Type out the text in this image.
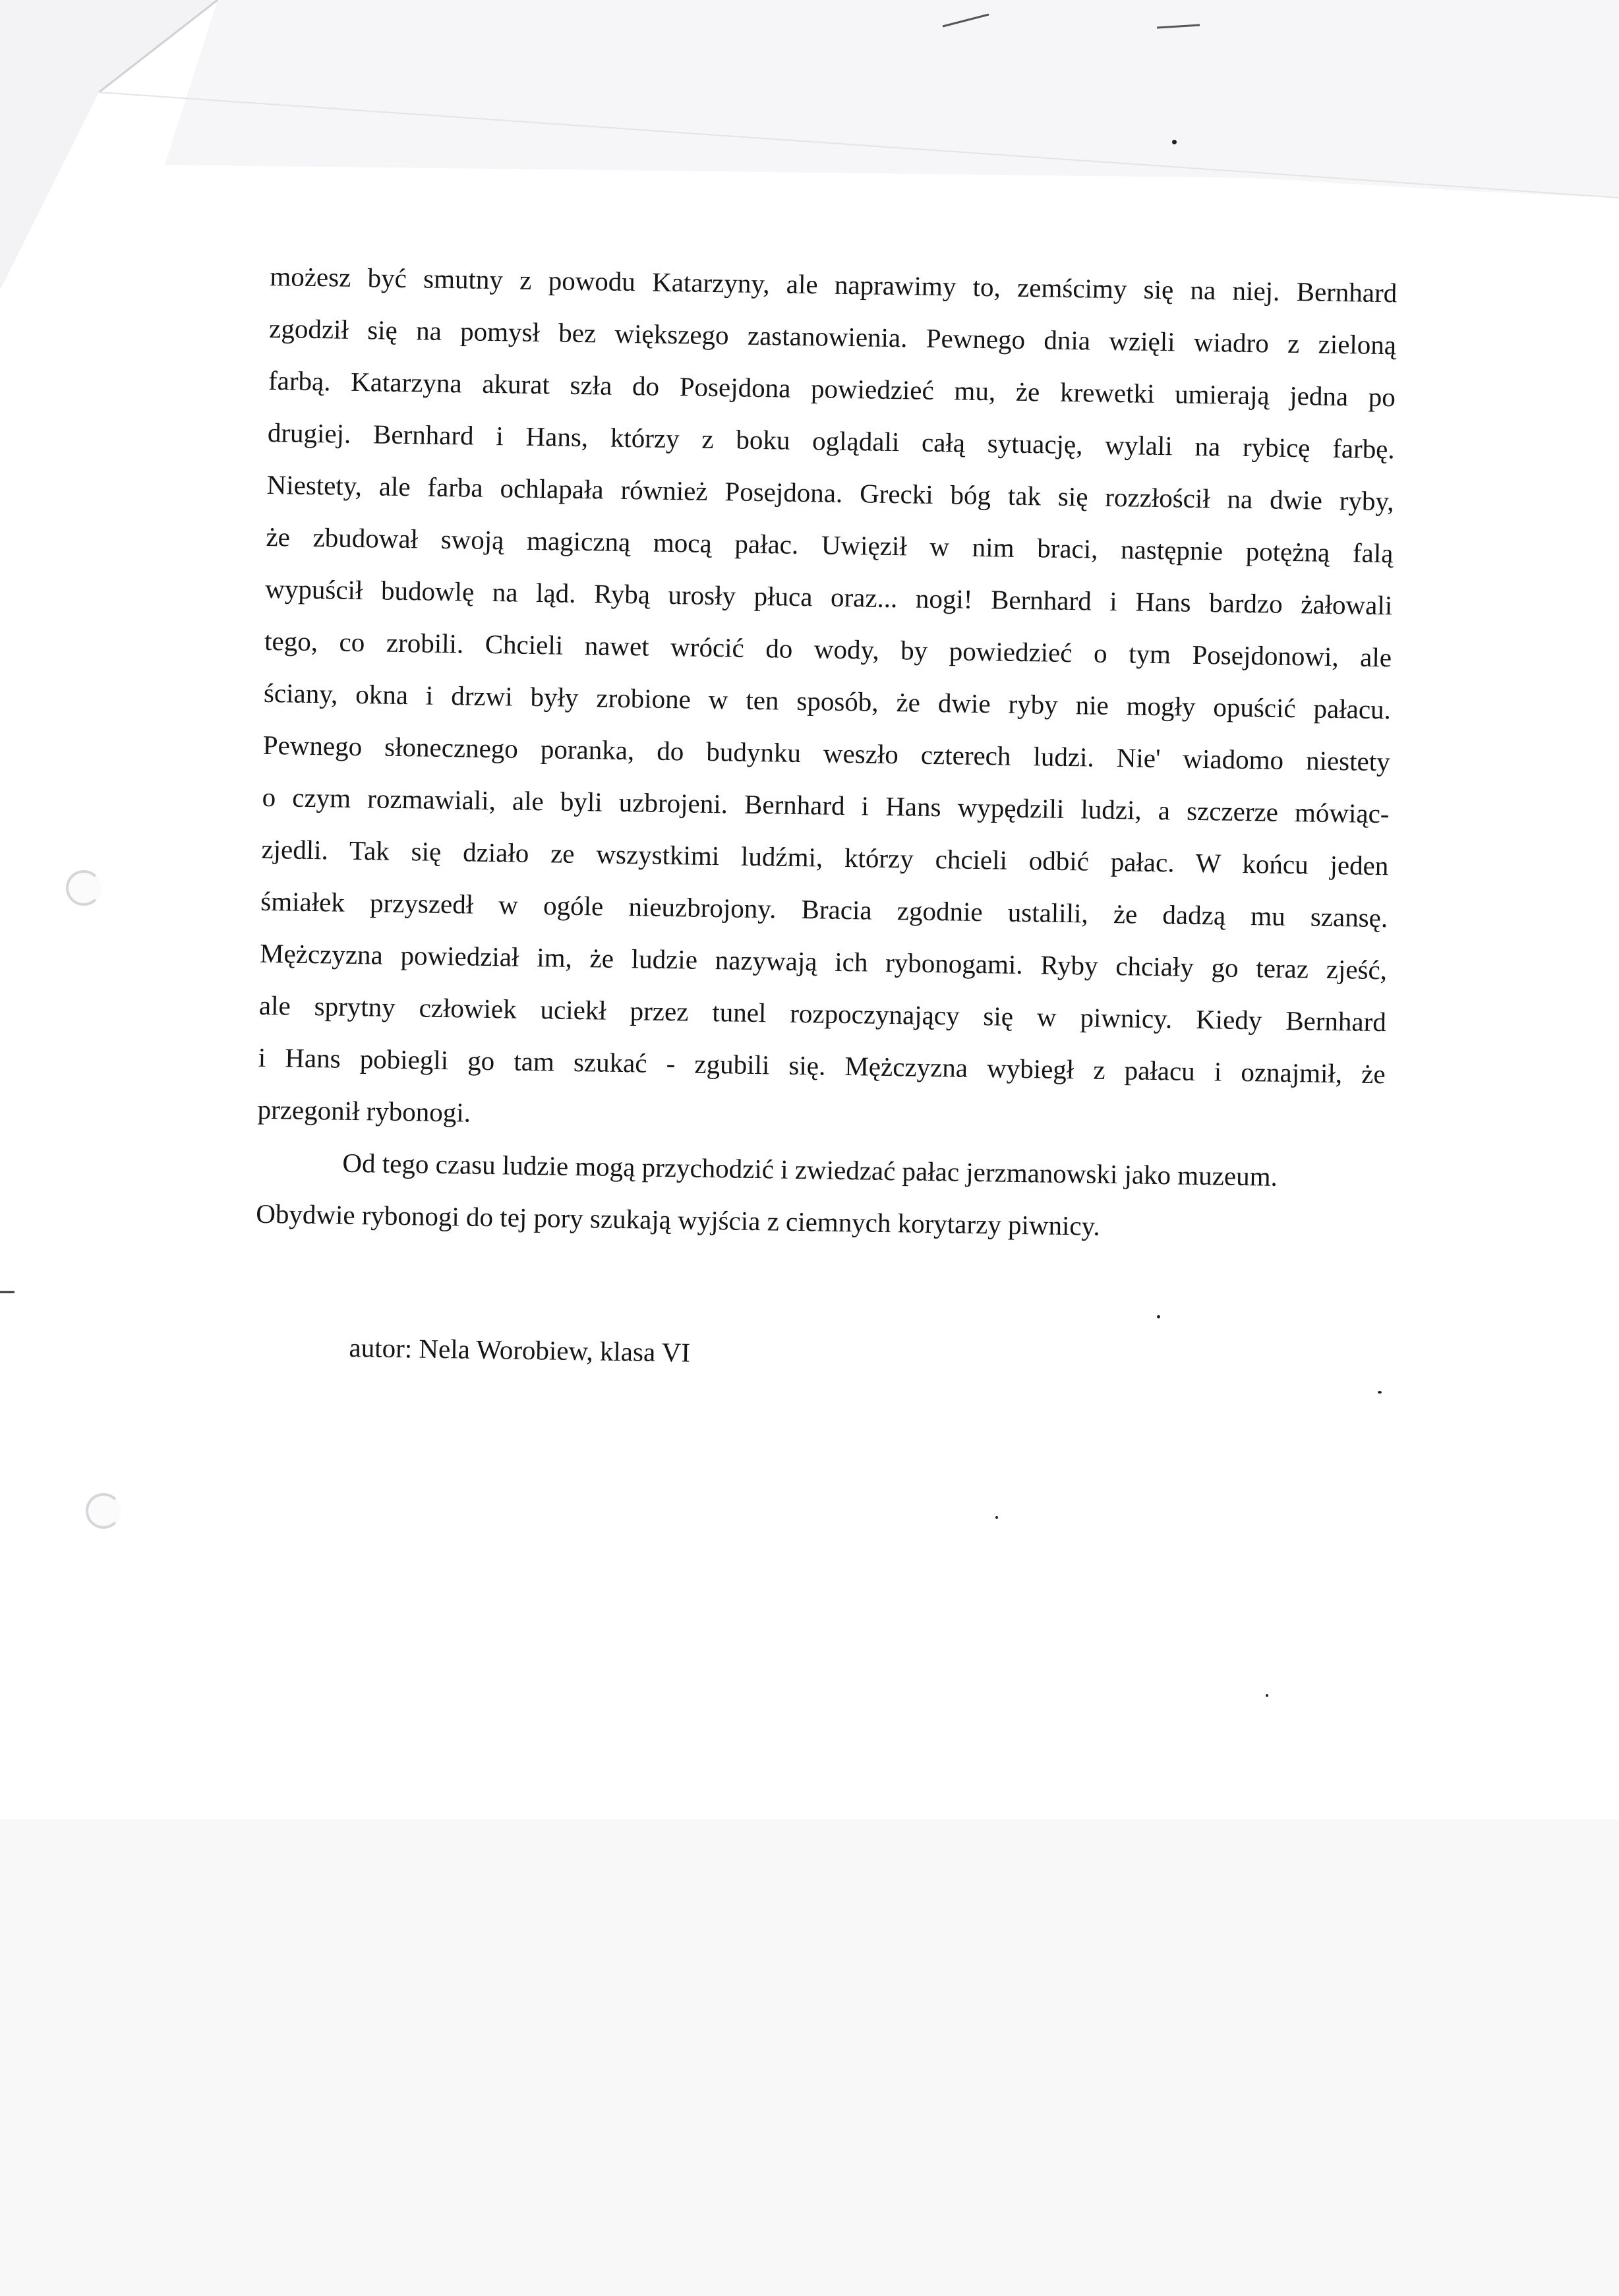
możesz być smutny z powodu Katarzyny, ale naprawimy to, zemścimy się na niej. Bernhard
zgodził się na pomysł bez większego zastanowienia. Pewnego dnia wzięli wiadro z zieloną
farbą. Katarzyna akurat szła do Posejdona powiedzieć mu, że krewetki umierają jedna po
drugiej. Bernhard i Hans, którzy z boku oglądali całą sytuację, wylali na rybicę farbę.
Niestety, ale farba ochlapała również Posejdona. Grecki bóg tak się rozzłościł na dwie ryby,
że zbudował swoją magiczną mocą pałac. Uwięził w nim braci, następnie potężną falą
wypuścił budowlę na ląd. Rybą urosły płuca oraz... nogi! Bernhard i Hans bardzo żałowali
tego, co zrobili. Chcieli nawet wrócić do wody, by powiedzieć o tym Posejdonowi, ale
ściany, okna i drzwi były zrobione w ten sposób, że dwie ryby nie mogły opuścić pałacu.
Pewnego słonecznego poranka, do budynku weszło czterech ludzi. Nie' wiadomo niestety
o czym rozmawiali, ale byli uzbrojeni. Bernhard i Hans wypędzili ludzi, a szczerze mówiąc-
zjedli. Tak się działo ze wszystkimi ludźmi, którzy chcieli odbić pałac. W końcu jeden
śmiałek przyszedł w ogóle nieuzbrojony. Bracia zgodnie ustalili, że dadzą mu szansę.
Mężczyzna powiedział im, że ludzie nazywają ich rybonogami. Ryby chciały go teraz zjeść,
ale sprytny człowiek uciekł przez tunel rozpoczynający się w piwnicy. Kiedy Bernhard
i Hans pobiegli go tam szukać - zgubili się. Mężczyzna wybiegł z pałacu i oznajmił, że
przegonił rybonogi.
Od tego czasu ludzie mogą przychodzić i zwiedzać pałac jerzmanowski jako muzeum.
Obydwie rybonogi do tej pory szukają wyjścia z ciemnych korytarzy piwnicy.
autor: Nela Worobiew, klasa VI
